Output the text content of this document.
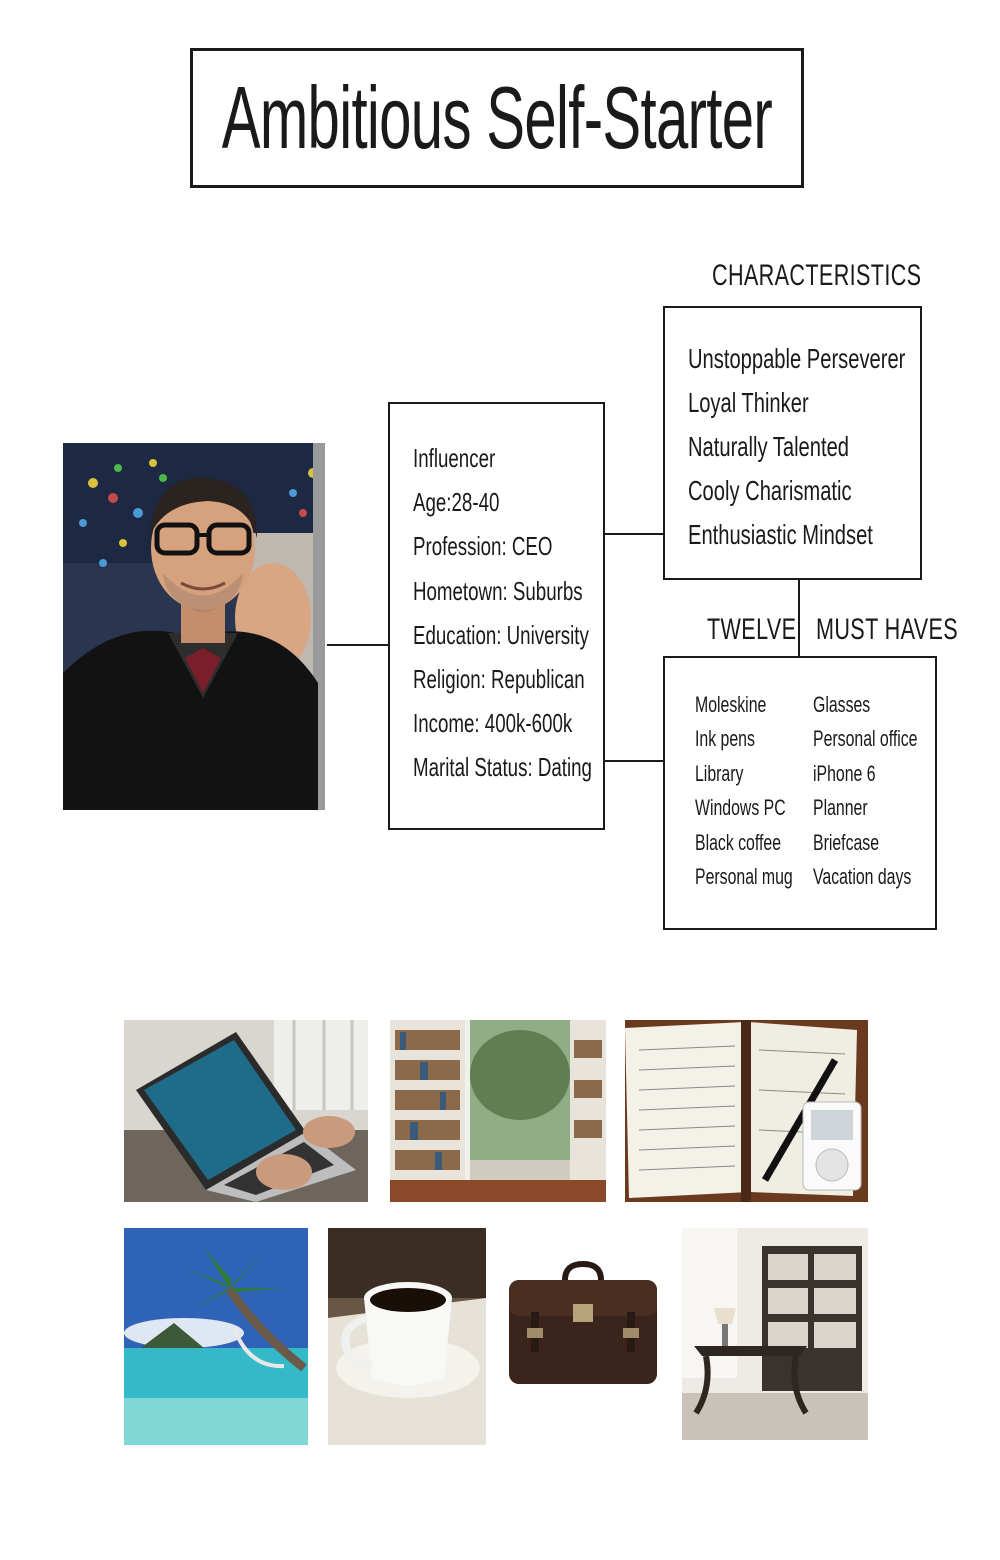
Ambitious Self-Starter
Influencer
Age:28-40
Profession: CEO
Hometown: Suburbs
Education: University
Religion: Republican
Income: 400k-600k
Marital Status: Dating
CHARACTERISTICS
Unstoppable Perseverer
Loyal Thinker
Naturally Talented
Cooly Charismatic
Enthusiastic Mindset
TWELVE MUST HAVES
Moleskine
Ink pens
Library
Windows PC
Black coffee
Personal mug
Glasses
Personal office
iPhone 6
Planner
Briefcase
Vacation days
